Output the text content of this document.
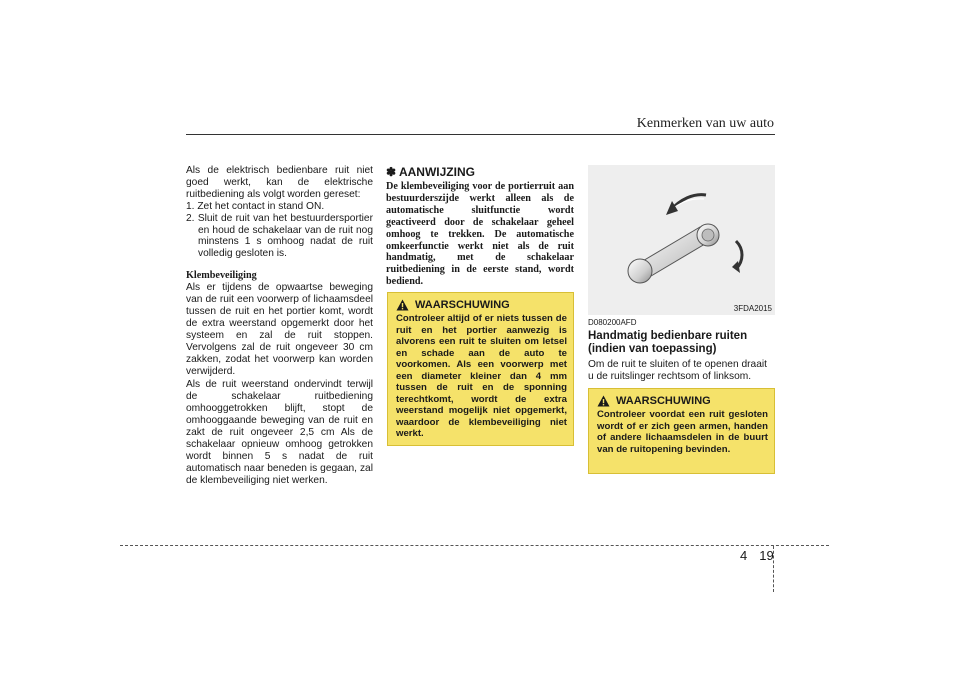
Kenmerken van uw auto

Als de elektrisch bedienbare ruit niet goed werkt, kan de elektrische ruitbediening als volgt worden gereset:

1. Zet het contact in stand ON.

2. Sluit de ruit van het bestuurdersportier en houd de schakelaar van de ruit nog minstens 1 s omhoog nadat de ruit volledig gesloten is.

Klembeveiliging

Als er tijdens de opwaartse beweging van de ruit een voorwerp of lichaamsdeel tussen de ruit en het portier komt, wordt de extra weerstand opgemerkt door het systeem en zal de ruit stoppen. Vervolgens zal de ruit ongeveer 30 cm zakken, zodat het voorwerp kan worden verwijderd.

Als de ruit weerstand ondervindt terwijl de schakelaar ruitbediening omhooggetrokken blijft, stopt de omhooggaande beweging van de ruit en zakt de ruit ongeveer 2,5 cm Als de schakelaar opnieuw omhoog getrokken wordt binnen 5 s nadat de ruit automatisch naar beneden is gegaan, zal de klembeveiliging niet werken.

✽ AANWIJZING

De klembeveiliging voor de portierruit aan bestuurderszijde werkt alleen als de automatische sluitfunctie wordt geactiveerd door de schakelaar geheel omhoog te trekken. De automatische omkeerfunctie werkt niet als de ruit handmatig, met de schakelaar ruitbediening in de eerste stand, wordt bediend.

WAARSCHUWING

Controleer altijd of er niets tussen de ruit en het portier aanwezig is alvorens een ruit te sluiten om letsel en schade aan de auto te voorkomen. Als een voorwerp met een diameter kleiner dan 4 mm tussen de ruit en de sponning terechtkomt, wordt de extra weerstand mogelijk niet opgemerkt, waardoor de klembeveiliging niet werkt.

3FDA2015

D080200AFD

Handmatig bedienbare ruiten (indien van toepassing)

Om de ruit te sluiten of te openen draait u de ruitslinger rechtsom of linksom.

WAARSCHUWING

Controleer voordat een ruit gesloten wordt of er zich geen armen, handen of andere lichaamsdelen in de buurt van de ruitopening bevinden.

4 19
